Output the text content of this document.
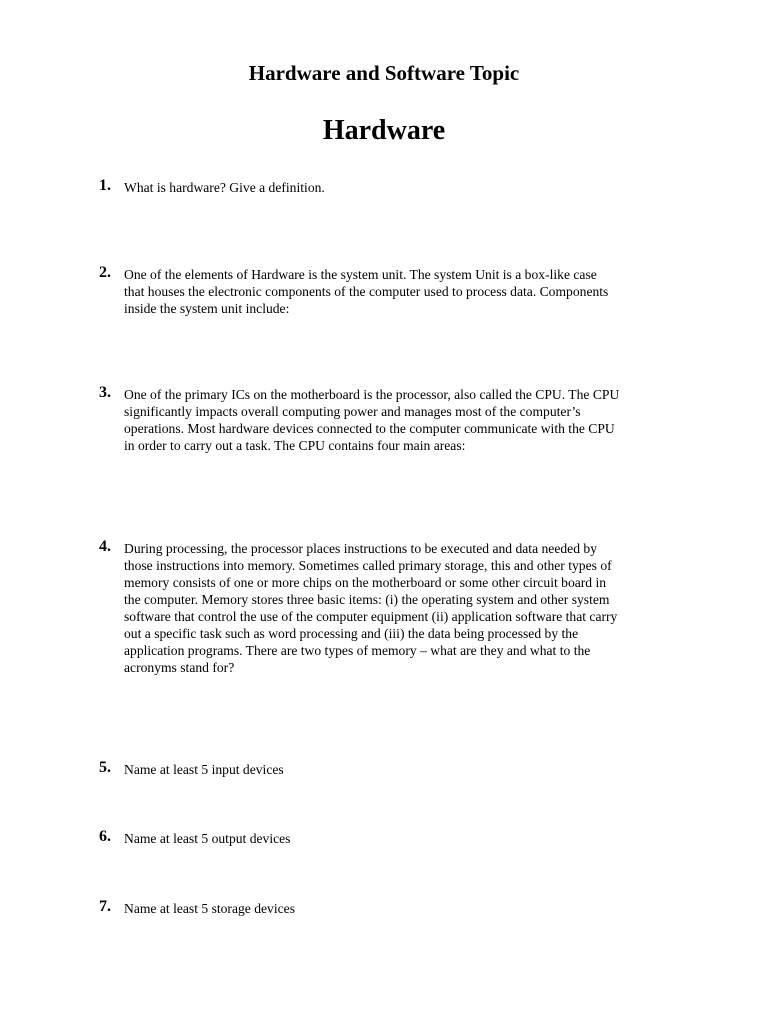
Hardware and Software Topic
Hardware
1. What is hardware? Give a definition.
2. One of the elements of Hardware is the system unit. The system Unit is a box-like case
that houses the electronic components of the computer used to process data. Components
inside the system unit include:
3. One of the primary ICs on the motherboard is the processor, also called the CPU. The CPU
significantly impacts overall computing power and manages most of the computer’s
operations. Most hardware devices connected to the computer communicate with the CPU
in order to carry out a task. The CPU contains four main areas:
4. During processing, the processor places instructions to be executed and data needed by
those instructions into memory. Sometimes called primary storage, this and other types of
memory consists of one or more chips on the motherboard or some other circuit board in
the computer. Memory stores three basic items: (i) the operating system and other system
software that control the use of the computer equipment (ii) application software that carry
out a specific task such as word processing and (iii) the data being processed by the
application programs. There are two types of memory – what are they and what to the
acronyms stand for?
5. Name at least 5 input devices
6. Name at least 5 output devices
7. Name at least 5 storage devices
